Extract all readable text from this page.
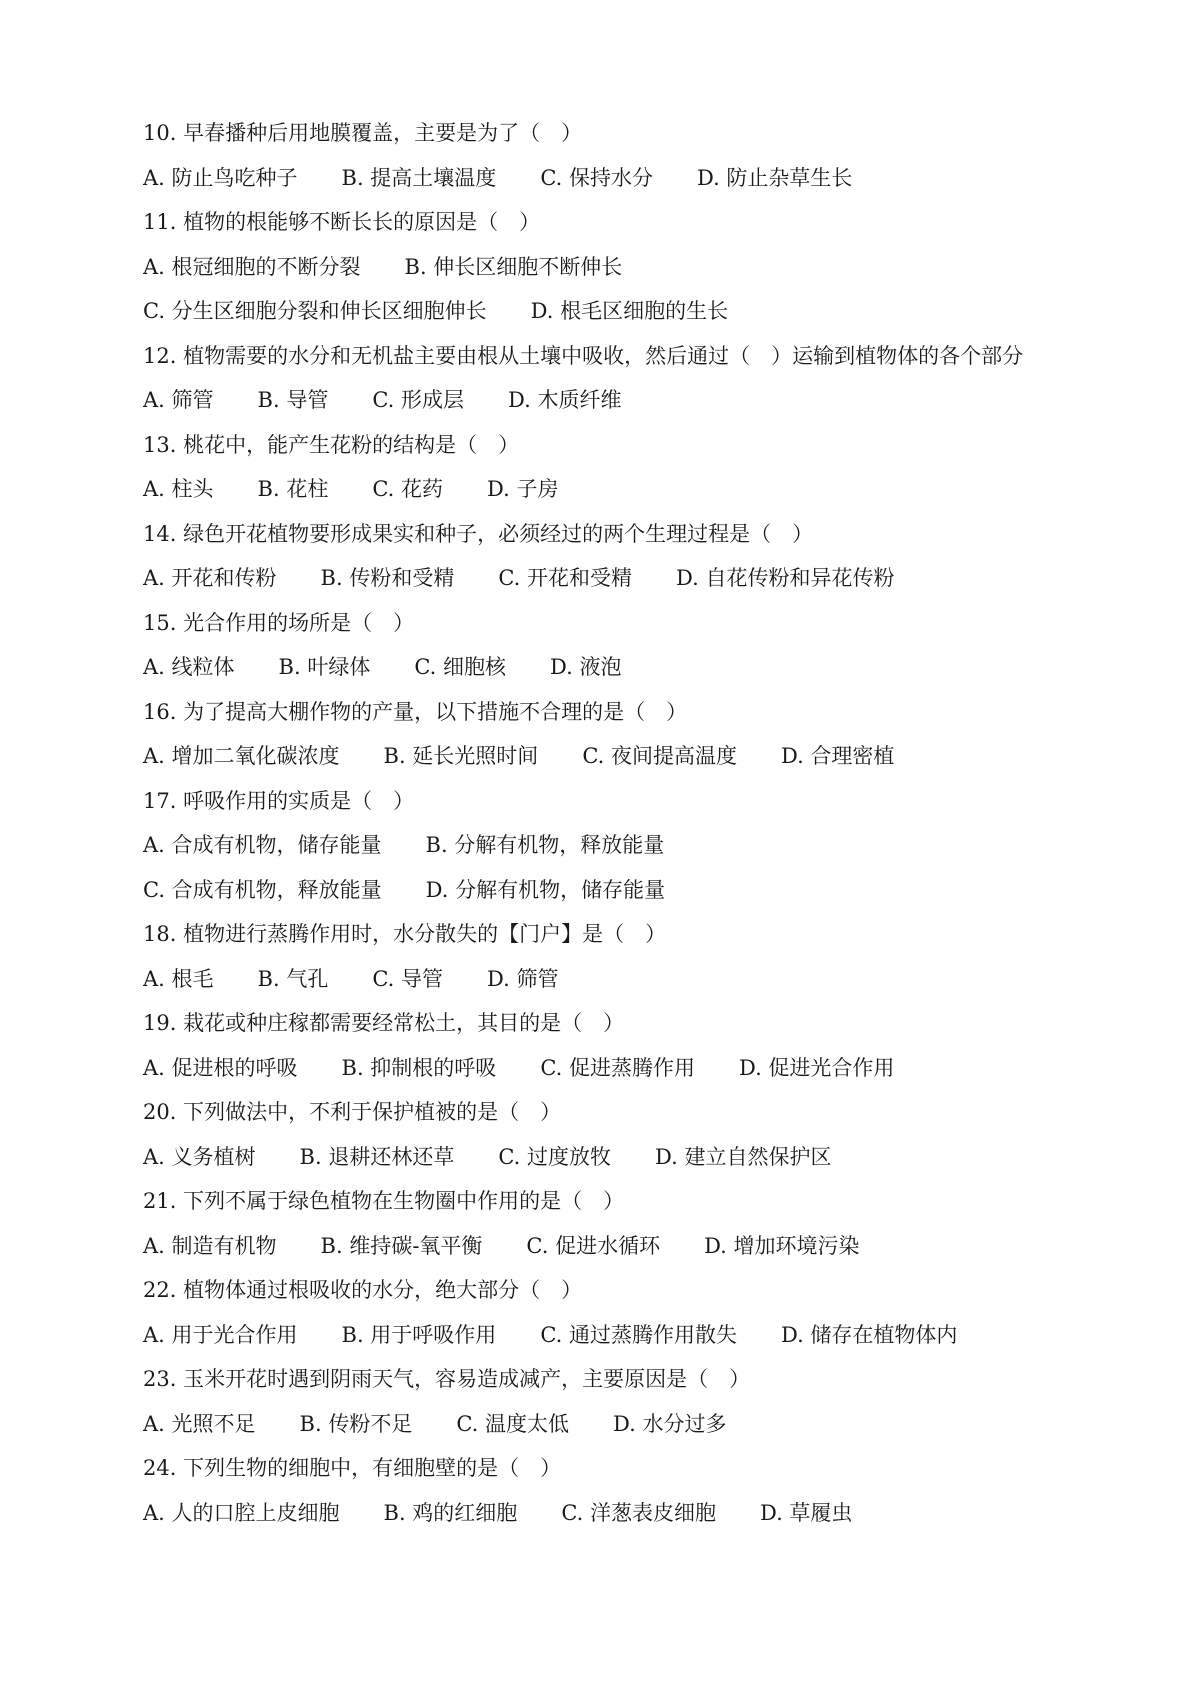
10. 早春播种后用地膜覆盖，主要是为了（　）
A. 防止鸟吃种子 B. 提高土壤温度 C. 保持水分 D. 防止杂草生长
11. 植物的根能够不断长长的原因是（　）
A. 根冠细胞的不断分裂 B. 伸长区细胞不断伸长
C. 分生区细胞分裂和伸长区细胞伸长 D. 根毛区细胞的生长
12. 植物需要的水分和无机盐主要由根从土壤中吸收，然后通过（　）运输到植物体的各个部分
A. 筛管 B. 导管 C. 形成层 D. 木质纤维
13. 桃花中，能产生花粉的结构是（　）
A. 柱头 B. 花柱 C. 花药 D. 子房
14. 绿色开花植物要形成果实和种子，必须经过的两个生理过程是（　）
A. 开花和传粉 B. 传粉和受精 C. 开花和受精 D. 自花传粉和异花传粉
15. 光合作用的场所是（　）
A. 线粒体 B. 叶绿体 C. 细胞核 D. 液泡
16. 为了提高大棚作物的产量，以下措施不合理的是（　）
A. 增加二氧化碳浓度 B. 延长光照时间 C. 夜间提高温度 D. 合理密植
17. 呼吸作用的实质是（　）
A. 合成有机物，储存能量 B. 分解有机物，释放能量
C. 合成有机物，释放能量 D. 分解有机物，储存能量
18. 植物进行蒸腾作用时，水分散失的【门户】是（　）
A. 根毛 B. 气孔 C. 导管 D. 筛管
19. 栽花或种庄稼都需要经常松土，其目的是（　）
A. 促进根的呼吸 B. 抑制根的呼吸 C. 促进蒸腾作用 D. 促进光合作用
20. 下列做法中，不利于保护植被的是（　）
A. 义务植树 B. 退耕还林还草 C. 过度放牧 D. 建立自然保护区
21. 下列不属于绿色植物在生物圈中作用的是（　）
A. 制造有机物 B. 维持碳-氧平衡 C. 促进水循环 D. 增加环境污染
22. 植物体通过根吸收的水分，绝大部分（　）
A. 用于光合作用 B. 用于呼吸作用 C. 通过蒸腾作用散失 D. 储存在植物体内
23. 玉米开花时遇到阴雨天气，容易造成减产，主要原因是（　）
A. 光照不足 B. 传粉不足 C. 温度太低 D. 水分过多
24. 下列生物的细胞中，有细胞壁的是（　）
A. 人的口腔上皮细胞 B. 鸡的红细胞 C. 洋葱表皮细胞 D. 草履虫
